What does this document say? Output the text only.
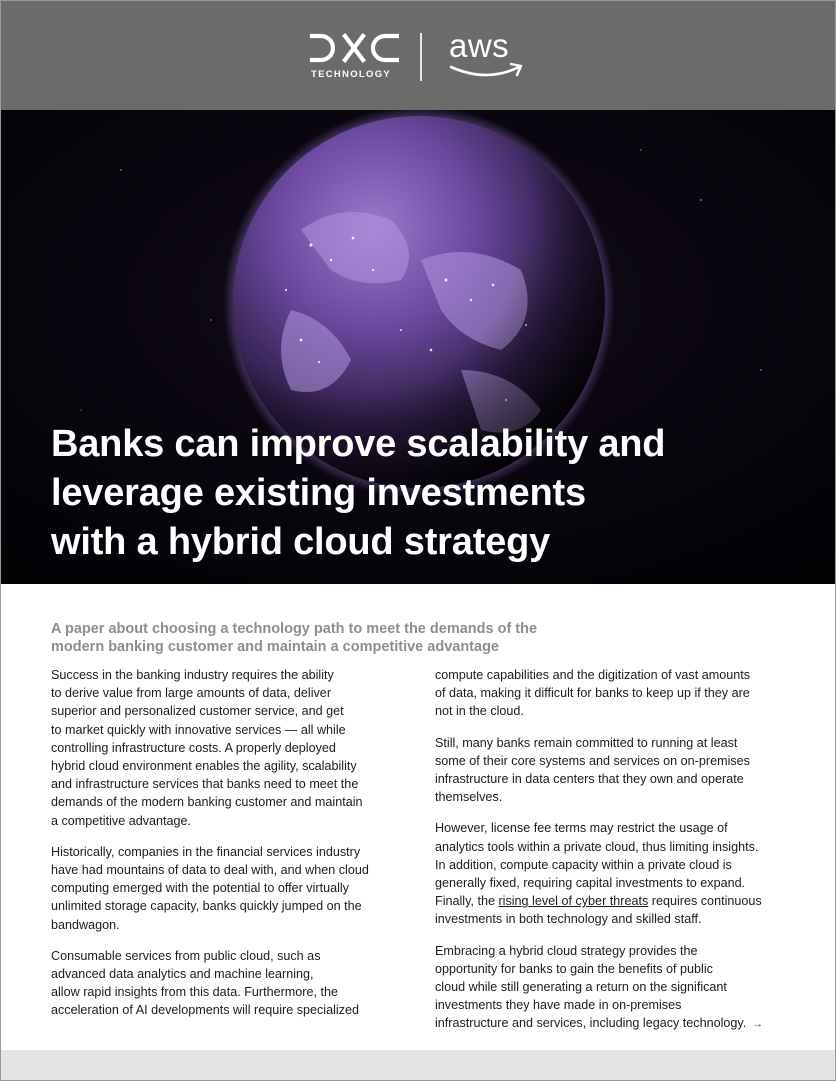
TECHNOLOGY
aws
Banks can improve scalability and
leverage existing investments
with a hybrid cloud strategy
A paper about choosing a technology path to meet the demands of the
modern banking customer and maintain a competitive advantage

Success in the banking industry requires the ability
to derive value from large amounts of data, deliver
superior and personalized customer service, and get
to market quickly with innovative services — all while
controlling infrastructure costs. A properly deployed
hybrid cloud environment enables the agility, scalability
and infrastructure services that banks need to meet the
demands of the modern banking customer and maintain
a competitive advantage.

Historically, companies in the financial services industry
have had mountains of data to deal with, and when cloud
computing emerged with the potential to offer virtually
unlimited storage capacity, banks quickly jumped on the
bandwagon.

Consumable services from public cloud, such as
advanced data analytics and machine learning,
allow rapid insights from this data. Furthermore, the
acceleration of AI developments will require specialized

compute capabilities and the digitization of vast amounts
of data, making it difficult for banks to keep up if they are
not in the cloud.

Still, many banks remain committed to running at least
some of their core systems and services on on-premises
infrastructure in data centers that they own and operate
themselves.

However, license fee terms may restrict the usage of
analytics tools within a private cloud, thus limiting insights.
In addition, compute capacity within a private cloud is
generally fixed, requiring capital investments to expand.
Finally, the rising level of cyber threats requires continuous
investments in both technology and skilled staff.

Embracing a hybrid cloud strategy provides the
opportunity for banks to gain the benefits of public
cloud while still generating a return on the significant
investments they have made in on-premises
infrastructure and services, including legacy technology. →
